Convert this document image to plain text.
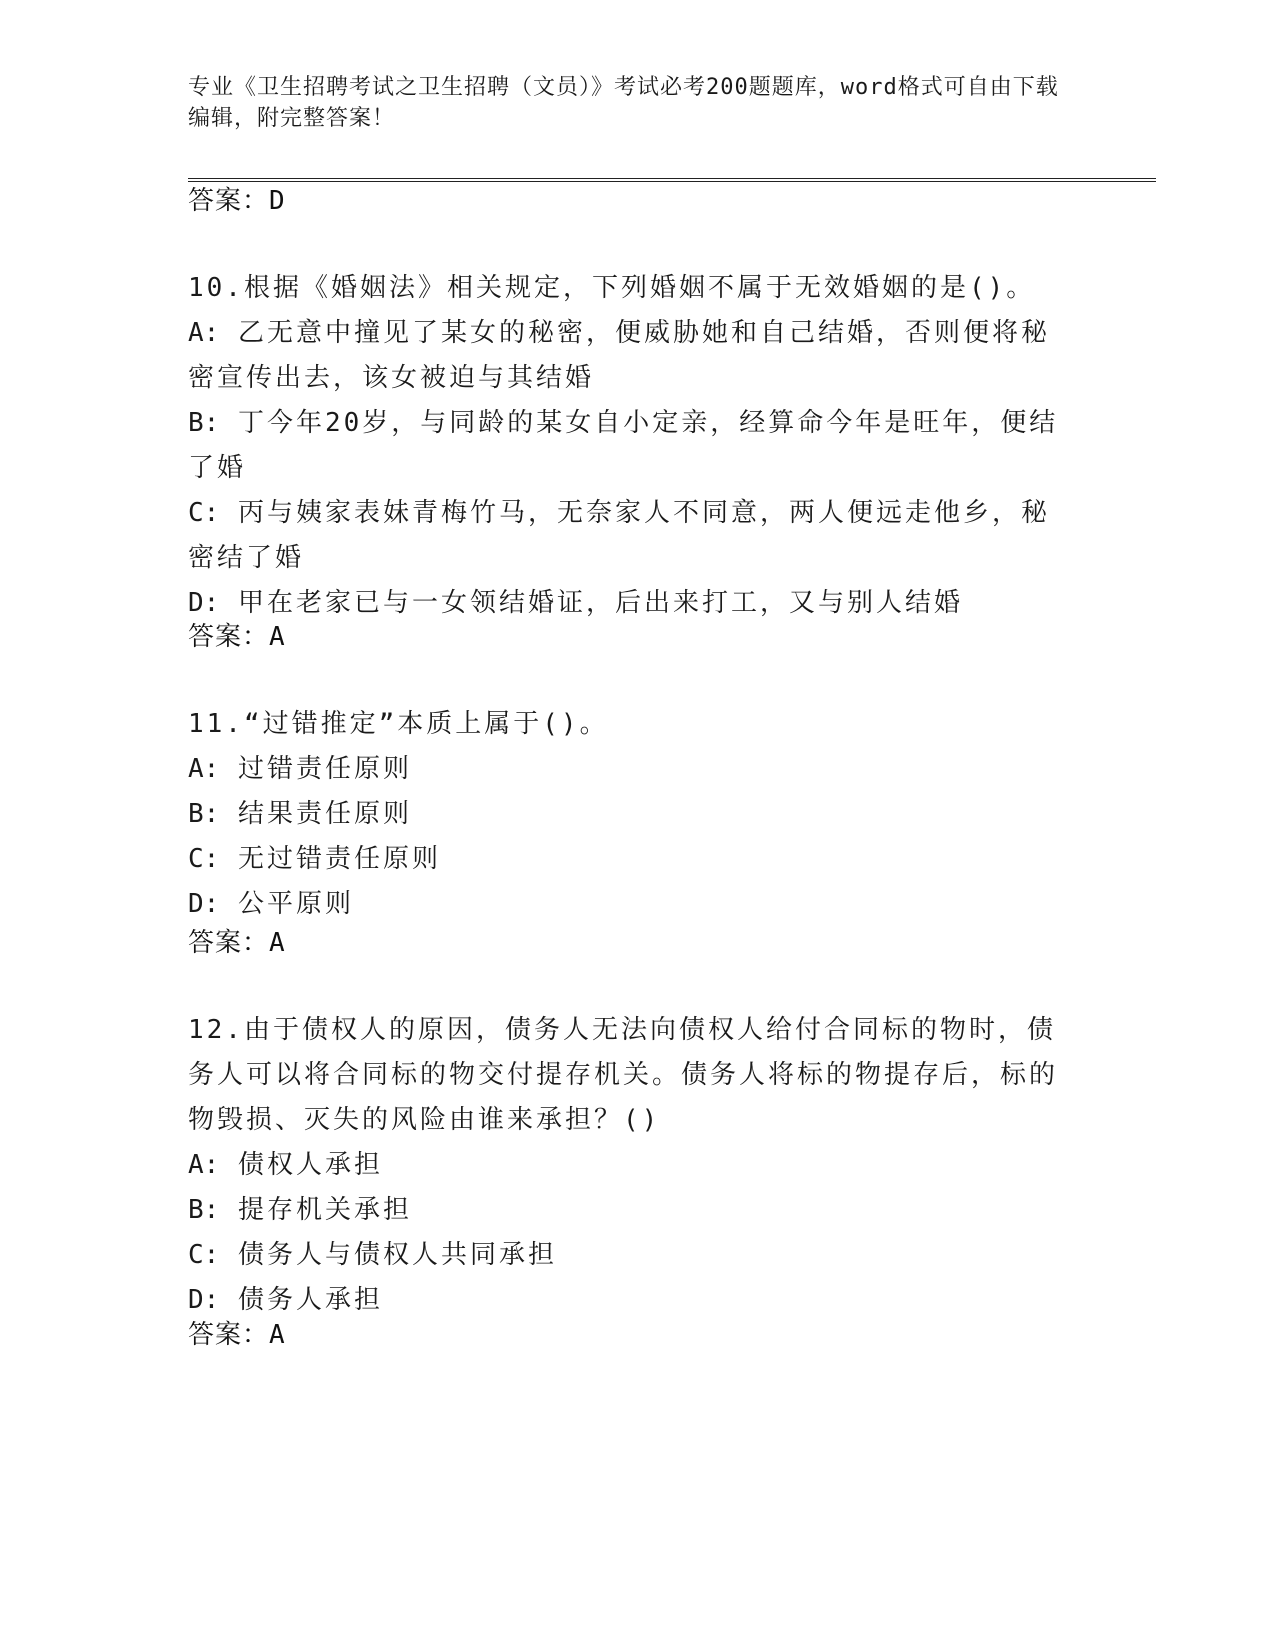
专业《卫生招聘考试之卫生招聘（文员）》考试必考200题题库，word格式可自由下载编辑，附完整答案！
答案：D
10.根据《婚姻法》相关规定，下列婚姻不属于无效婚姻的是()。
A: 乙无意中撞见了某女的秘密，便威胁她和自己结婚，否则便将秘密宣传出去，该女被迫与其结婚
B: 丁今年20岁，与同龄的某女自小定亲，经算命今年是旺年，便结了婚
C: 丙与姨家表妹青梅竹马，无奈家人不同意，两人便远走他乡，秘密结了婚
D: 甲在老家已与一女领结婚证，后出来打工，又与别人结婚
答案：A
11.“过错推定”本质上属于()。
A: 过错责任原则
B: 结果责任原则
C: 无过错责任原则
D: 公平原则
答案：A
12.由于债权人的原因，债务人无法向债权人给付合同标的物时，债务人可以将合同标的物交付提存机关。债务人将标的物提存后，标的物毁损、灭失的风险由谁来承担？()
A: 债权人承担
B: 提存机关承担
C: 债务人与债权人共同承担
D: 债务人承担
答案：A
